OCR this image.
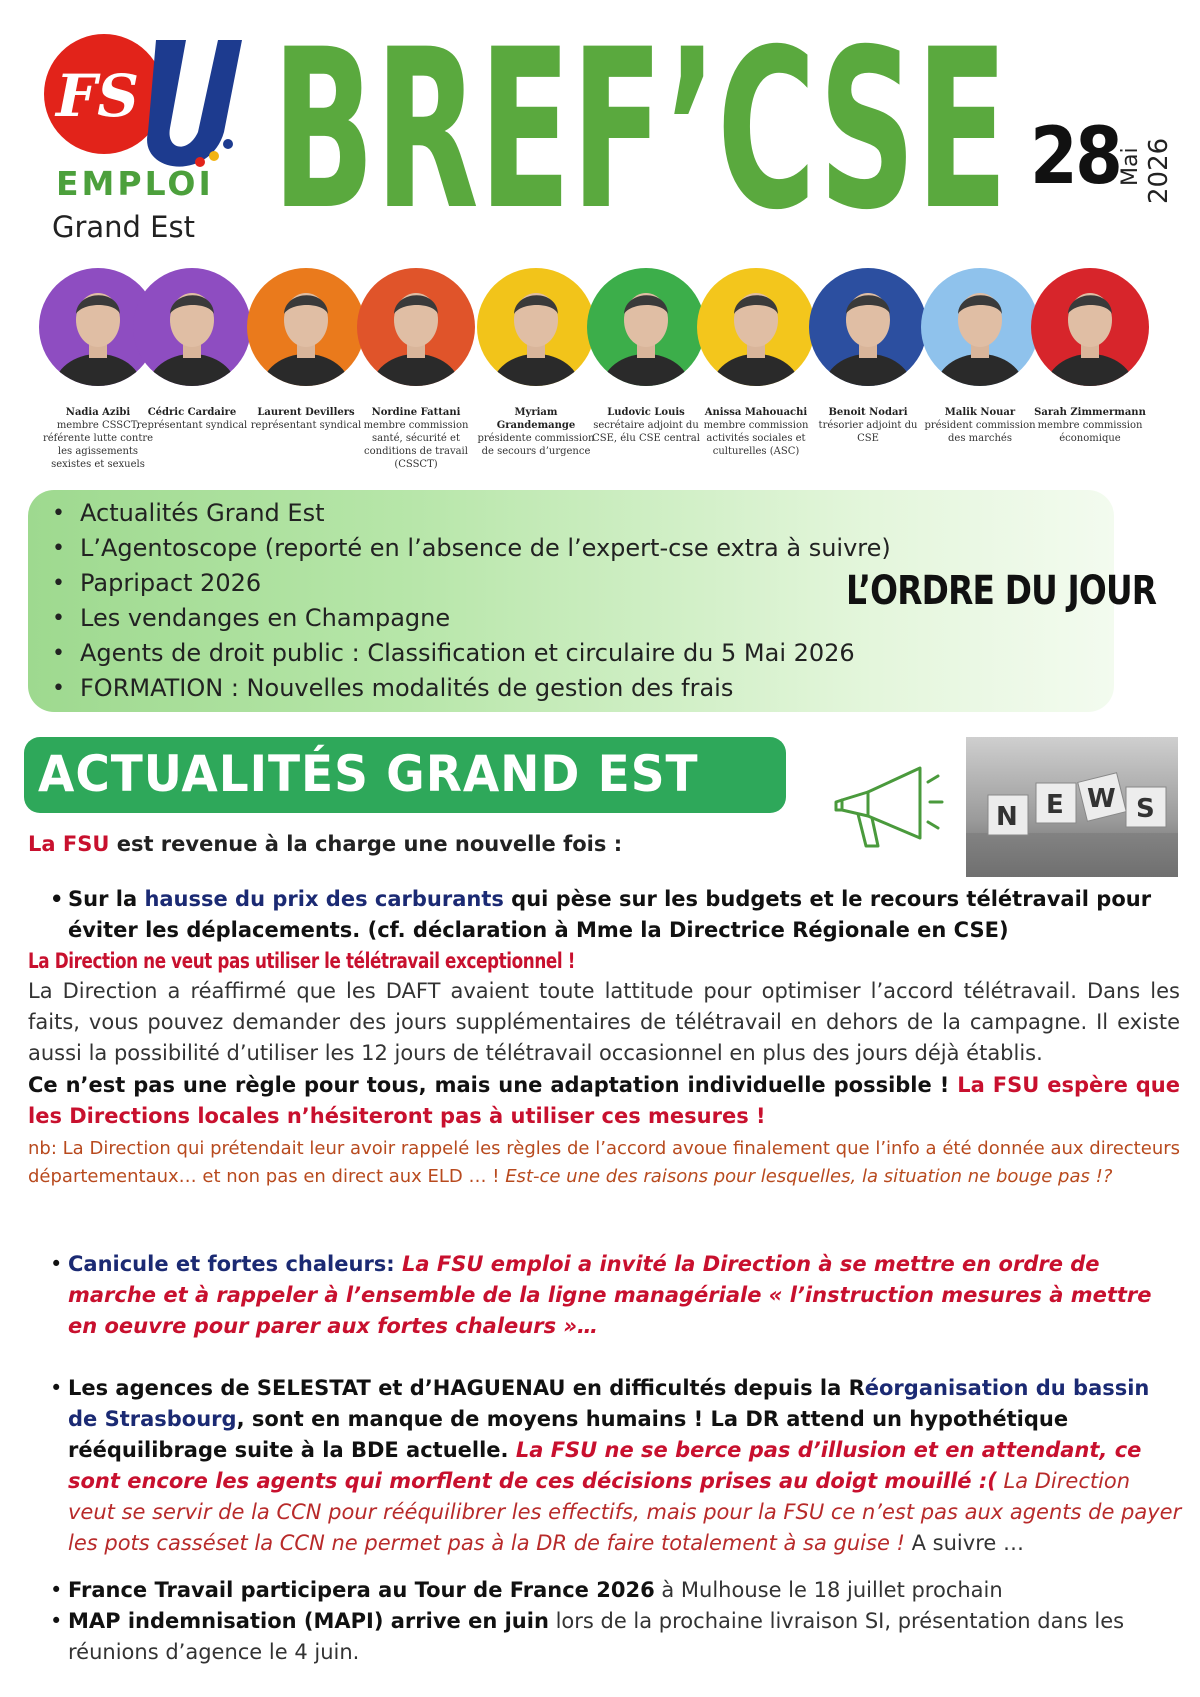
FS
EMPLOI
Grand Est BREF’CSE 28
Mai 2026
Nadia Azibi
membre CSSCT, référente lutte contre les agissements sexistes et sexuels
Cédric Cardaire
représentant syndical
Laurent Devillers
représentant syndical
Nordine Fattani
membre commission santé, sécurité et conditions de travail (CSSCT)
Myriam Grandemange
présidente commission de secours d’urgence
Ludovic Louis
secrétaire adjoint du CSE, élu CSE central
Anissa Mahouachi
membre commission activités sociales et culturelles (ASC)
Benoit Nodari
trésorier adjoint du CSE
Malik Nouar
président commission des marchés
Sarah Zimmermann
membre commission économique
• Actualités Grand Est
• L’Agentoscope (reporté en l’absence de l’expert-cse extra à suivre)
• Papripact 2026
• Les vendanges en Champagne
• Agents de droit public : Classification et circulaire du 5 Mai 2026
• FORMATION : Nouvelles modalités de gestion des frais
L’ORDRE DU JOUR
ACTUALITÉS GRAND EST
N E W S
La FSU est revenue à la charge une nouvelle fois :
• Sur la hausse du prix des carburants qui pèse sur les budgets et le recours télétravail pour éviter les déplacements. (cf. déclaration à Mme la Directrice Régionale en CSE)
La Direction ne veut pas utiliser le télétravail exceptionnel !
La Direction a réaffirmé que les DAFT avaient toute lattitude pour optimiser l’accord télétravail. Dans les faits, vous pouvez demander des jours supplémentaires de télétravail en dehors de la campagne. Il existe aussi la possibilité d’utiliser les 12 jours de télétravail occasionnel en plus des jours déjà établis.
Ce n’est pas une règle pour tous, mais une adaptation individuelle possible ! La FSU espère que les Directions locales n’hésiteront pas à utiliser ces mesures !
nb: La Direction qui prétendait leur avoir rappelé les règles de l’accord avoue finalement que l’info a été donnée aux directeurs départementaux… et non pas en direct aux ELD … ! Est-ce une des raisons pour lesquelles, la situation ne bouge pas !?
• Canicule et fortes chaleurs: La FSU emploi a invité la Direction à se mettre en ordre de marche et à rappeler à l’ensemble de la ligne managériale « l’instruction mesures à mettre en oeuvre pour parer aux fortes chaleurs »…
• Les agences de SELESTAT et d’HAGUENAU en difficultés depuis la Réorganisation du bassin de Strasbourg, sont en manque de moyens humains ! La DR attend un hypothétique rééquilibrage suite à la BDE actuelle. La FSU ne se berce pas d’illusion et en attendant, ce sont encore les agents qui morflent de ces décisions prises au doigt mouillé :( La Direction veut se servir de la CCN pour rééquilibrer les effectifs, mais pour la FSU ce n’est pas aux agents de payer les pots casséset la CCN ne permet pas à la DR de faire totalement à sa guise ! A suivre …
• France Travail participera au Tour de France 2026 à Mulhouse le 18 juillet prochain
• MAP indemnisation (MAPI) arrive en juin lors de la prochaine livraison SI, présentation dans les réunions d’agence le 4 juin.
